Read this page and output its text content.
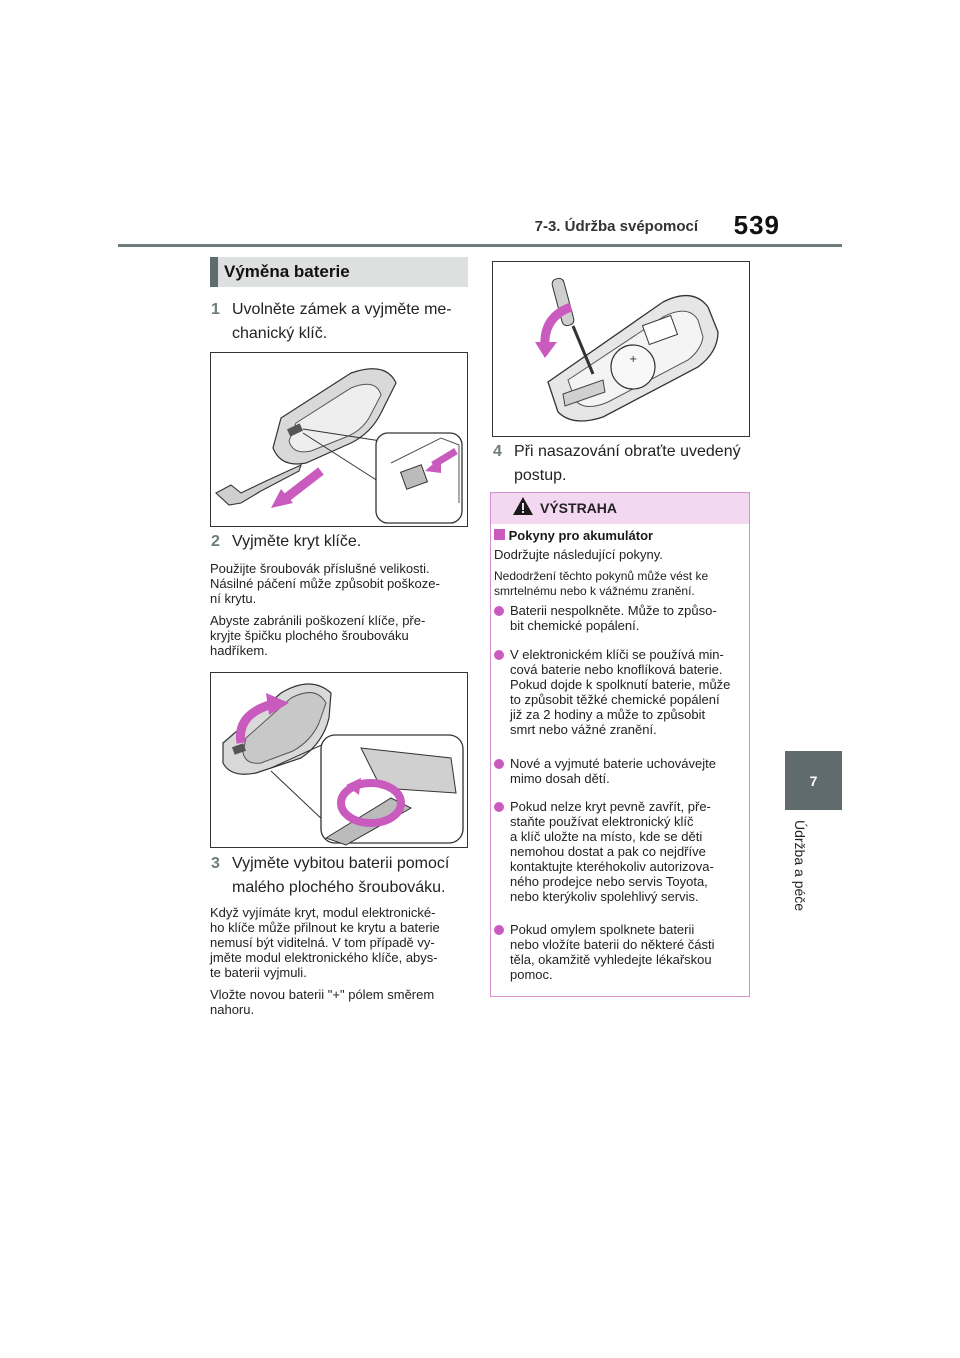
7-3. Údržba svépomocí	539
7
Údržba a péče
Výměna baterie
1 Uvolněte zámek a vyjměte me-
chanický klíč.
2 Vyjměte kryt klíče.
Použijte šroubovák příslušné velikosti.
Násilné páčení může způsobit poškoze-
ní krytu.
Abyste zabránili poškození klíče, pře-
kryjte špičku plochého šroubováku
hadříkem.
3 Vyjměte vybitou baterii pomocí
malého plochého šroubováku.
Když vyjímáte kryt, modul elektronické-
ho klíče může přilnout ke krytu a baterie
nemusí být viditelná. V tom případě vy-
jměte modul elektronického klíče, abys-
te baterii vyjmuli.
Vložte novou baterii "+" pólem směrem
nahoru.
+
4 Při nasazování obraťte uvedený
postup.
VÝSTRAHA
Pokyny pro akumulátor
Dodržujte následující pokyny.
Nedodržení těchto pokynů může vést ke
smrtelnému nebo k vážnému zranění.
Baterii nespolkněte. Může to způso-
bit chemické popálení.
V elektronickém klíči se používá min-
cová baterie nebo knoflíková baterie.
Pokud dojde k spolknutí baterie, může
to způsobit těžké chemické popálení
již za 2 hodiny a může to způsobit
smrt nebo vážné zranění.
Nové a vyjmuté baterie uchovávejte
mimo dosah dětí.
Pokud nelze kryt pevně zavřít, pře-
staňte používat elektronický klíč
a klíč uložte na místo, kde se děti
nemohou dostat a pak co nejdříve
kontaktujte kteréhokoliv autorizova-
ného prodejce nebo servis Toyota,
nebo kterýkoliv spolehlivý servis.
Pokud omylem spolknete baterii
nebo vložíte baterii do některé části
těla, okamžitě vyhledejte lékařskou
pomoc.
